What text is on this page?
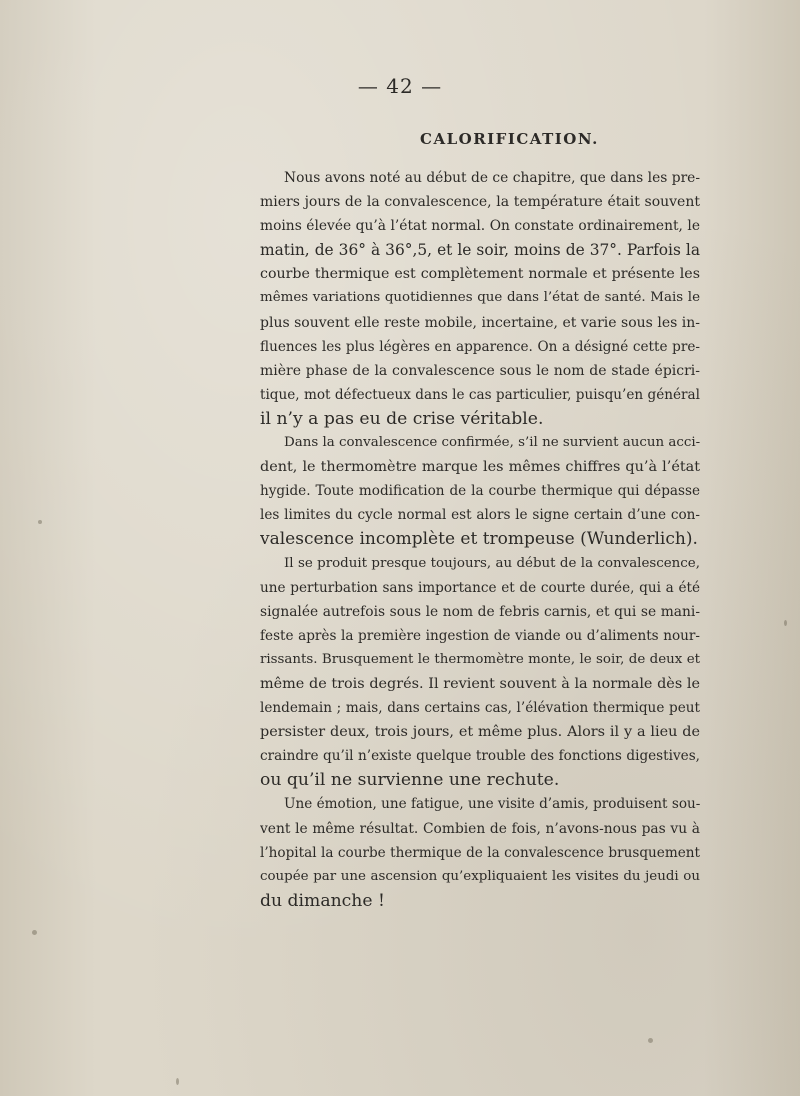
— 42 —
CALORIFICATION.
Nous avons noté au début de ce chapitre, que dans les pre-
miers jours de la convalescence, la température était souvent
moins élevée qu’à l’état normal. On constate ordinairement, le
matin, de 36° à 36°,5, et le soir, moins de 37°. Parfois la
courbe thermique est complètement normale et présente les
mêmes variations quotidiennes que dans l’état de santé. Mais le
plus souvent elle reste mobile, incertaine, et varie sous les in-
fluences les plus légères en apparence. On a désigné cette pre-
mière phase de la convalescence sous le nom de stade épicri-
tique, mot défectueux dans le cas particulier, puisqu’en général
il n’y a pas eu de crise véritable.
Dans la convalescence confirmée, s’il ne survient aucun acci-
dent, le thermomètre marque les mêmes chiffres qu’à l’état
hygide. Toute modification de la courbe thermique qui dépasse
les limites du cycle normal est alors le signe certain d’une con-
valescence incomplète et trompeuse (Wunderlich).
Il se produit presque toujours, au début de la convalescence,
une perturbation sans importance et de courte durée, qui a été
signalée autrefois sous le nom de febris carnis, et qui se mani-
feste après la première ingestion de viande ou d’aliments nour-
rissants. Brusquement le thermomètre monte, le soir, de deux et
même de trois degrés. Il revient souvent à la normale dès le
lendemain ; mais, dans certains cas, l’élévation thermique peut
persister deux, trois jours, et même plus. Alors il y a lieu de
craindre qu’il n’existe quelque trouble des fonctions digestives,
ou qu’il ne survienne une rechute.
Une émotion, une fatigue, une visite d’amis, produisent sou-
vent le même résultat. Combien de fois, n’avons-nous pas vu à
l’hopital la courbe thermique de la convalescence brusquement
coupée par une ascension qu’expliquaient les visites du jeudi ou
du dimanche !
